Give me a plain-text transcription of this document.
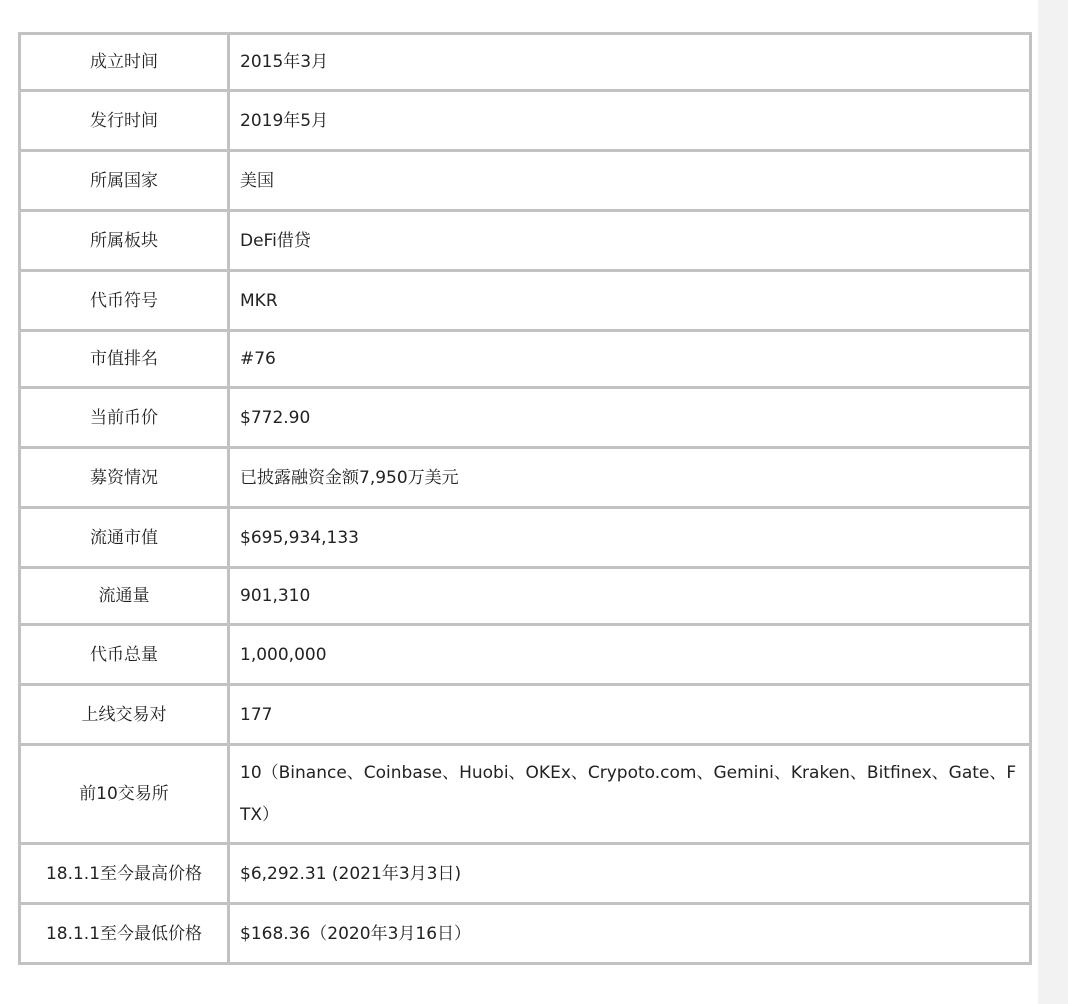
成立时间	2015年3月
发行时间	2019年5月
所属国家	美国
所属板块	DeFi借贷
代币符号	MKR
市值排名	#76
当前币价	$772.90
募资情况	已披露融资金额7,950万美元
流通市值	$695,934,133
流通量	901,310
代币总量	1,000,000
上线交易对	177
前10交易所	10（Binance、Coinbase、Huobi、OKEx、Crypoto.com、Gemini、Kraken、Bitfinex、Gate、FTX）
18.1.1至今最高价格	$6,292.31 (2021年3月3日)
18.1.1至今最低价格	$168.36（2020年3月16日）
